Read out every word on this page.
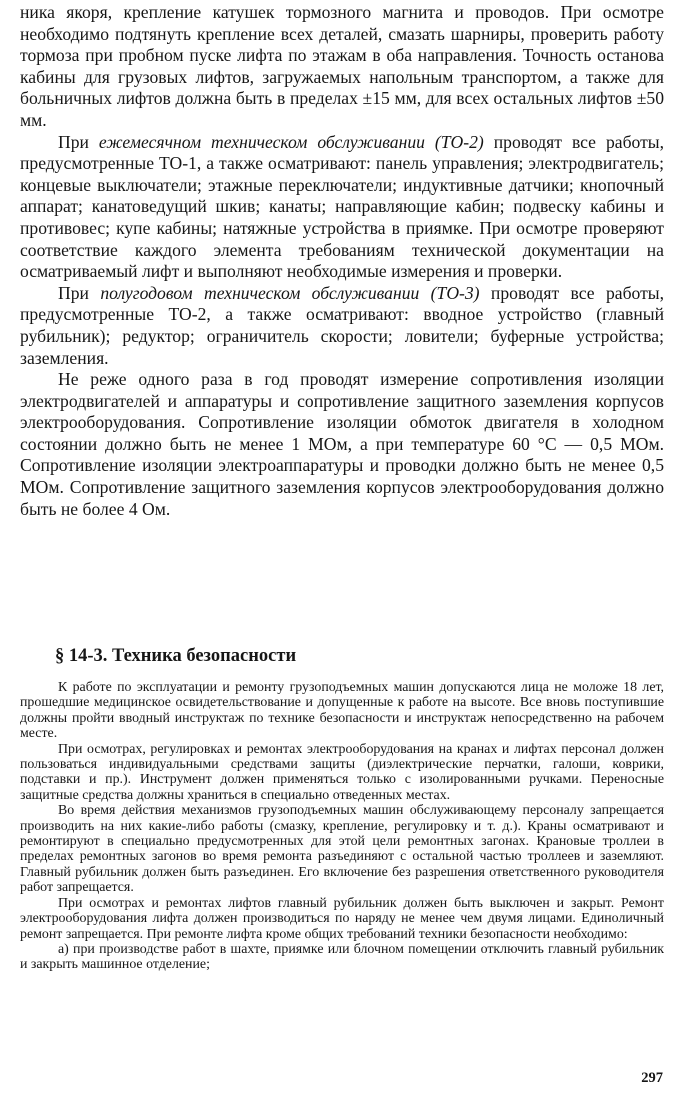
ника якоря, крепление катушек тормозного магнита и проводов. При осмотре необходимо подтянуть крепление всех деталей, смазать шарниры, проверить работу тормоза при пробном пуске лифта по этажам в оба направления. Точность останова кабины для грузовых лифтов, загружаемых напольным транспортом, а также для больничных лифтов должна быть в пределах ±15 мм, для всех остальных лифтов ±50 мм.

При ежемесячном техническом обслуживании (ТО-2) проводят все работы, предусмотренные ТО-1, а также осматривают: панель управления; электродвигатель; концевые выключатели; этажные переключатели; индуктивные датчики; кнопочный аппарат; канатоведущий шкив; канаты; направляющие кабин; подвеску кабины и противовес; купе кабины; натяжные устройства в приямке. При осмотре проверяют соответствие каждого элемента требованиям технической документации на осматриваемый лифт и выполняют необходимые измерения и проверки.

При полугодовом техническом обслуживании (ТО-3) проводят все работы, предусмотренные ТО-2, а также осматривают: вводное устройство (главный рубильник); редуктор; ограничитель скорости; ловители; буферные устройства; заземления.

Не реже одного раза в год проводят измерение сопротивления изоляции электродвигателей и аппаратуры и сопротивление защитного заземления корпусов электрооборудования. Сопротивление изоляции обмоток двигателя в холодном состоянии должно быть не менее 1 МОм, а при температуре 60 °С — 0,5 МОм. Сопротивление изоляции электроаппаратуры и проводки должно быть не менее 0,5 МОм. Сопротивление защитного заземления корпусов электрооборудования должно быть не более 4 Ом.

§ 14-3. Техника безопасности

К работе по эксплуатации и ремонту грузоподъемных машин допускаются лица не моложе 18 лет, прошедшие медицинское освидетельствование и допущенные к работе на высоте. Все вновь поступившие должны пройти вводный инструктаж по технике безопасности и инструктаж непосредственно на рабочем месте.

При осмотрах, регулировках и ремонтах электрооборудования на кранах и лифтах персонал должен пользоваться индивидуальными средствами защиты (диэлектрические перчатки, галоши, коврики, подставки и пр.). Инструмент должен применяться только с изолированными ручками. Переносные защитные средства должны храниться в специально отведенных местах.

Во время действия механизмов грузоподъемных машин обслуживающему персоналу запрещается производить на них какие-либо работы (смазку, крепление, регулировку и т. д.). Краны осматривают и ремонтируют в специально предусмотренных для этой цели ремонтных загонах. Крановые троллеи в пределах ремонтных загонов во время ремонта разъединяют с остальной частью троллеев и заземляют. Главный рубильник должен быть разъединен. Его включение без разрешения ответственного руководителя работ запрещается.

При осмотрах и ремонтах лифтов главный рубильник должен быть выключен и закрыт. Ремонт электрооборудования лифта должен производиться по наряду не менее чем двумя лицами. Единоличный ремонт запрещается. При ремонте лифта кроме общих требований техники безопасности необходимо:

а) при производстве работ в шахте, приямке или блочном помещении отключить главный рубильник и закрыть машинное отделение;

297
